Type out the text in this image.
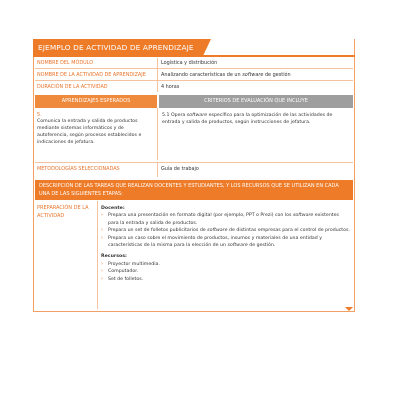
EJEMPLO DE ACTIVIDAD DE APRENDIZAJE
NOMBRE DEL MÓDULO	Logística y distribución
NOMBRE DE LA ACTIVIDAD DE APRENDIZAJE	Analizando características de un software de gestión
DURACIÓN DE LA ACTIVIDAD	4 horas
APRENDIZAJES ESPERADOS	CRITERIOS DE EVALUACIÓN QUE INCLUYE
5.
Comunica la entrada y salida de productos mediante sistemas informáticos y de autoferencia, según procesos establecidos e indicaciones de jefatura.
5.1 Opera software específico para la optimización de las actividades de entrada y salida de productos, según instrucciones de jefatura.
METODOLOGÍAS SELECCIONADAS	Guía de trabajo
DESCRIPCIÓN DE LAS TAREAS QUE REALIZAN DOCENTES Y ESTUDIANTES, Y LOS RECURSOS QUE SE UTILIZAN EN CADA UNA DE LAS SIGUIENTES ETAPAS:
PREPARACIÓN DE LA ACTIVIDAD
Docente:
› Prepara una presentación en formato digital (por ejemplo, PPT o Prezi) con los software existentes para la entrada y salida de productos.
› Prepara un set de folletos publicitarios de software de distintas empresas para el control de productos.
› Prepara un caso sobre el movimiento de productos, insumos y materiales de una entidad y características de la misma para la elección de un software de gestión.
Recursos:
› Proyector multimedia.
› Computador.
› Set de folletos.
